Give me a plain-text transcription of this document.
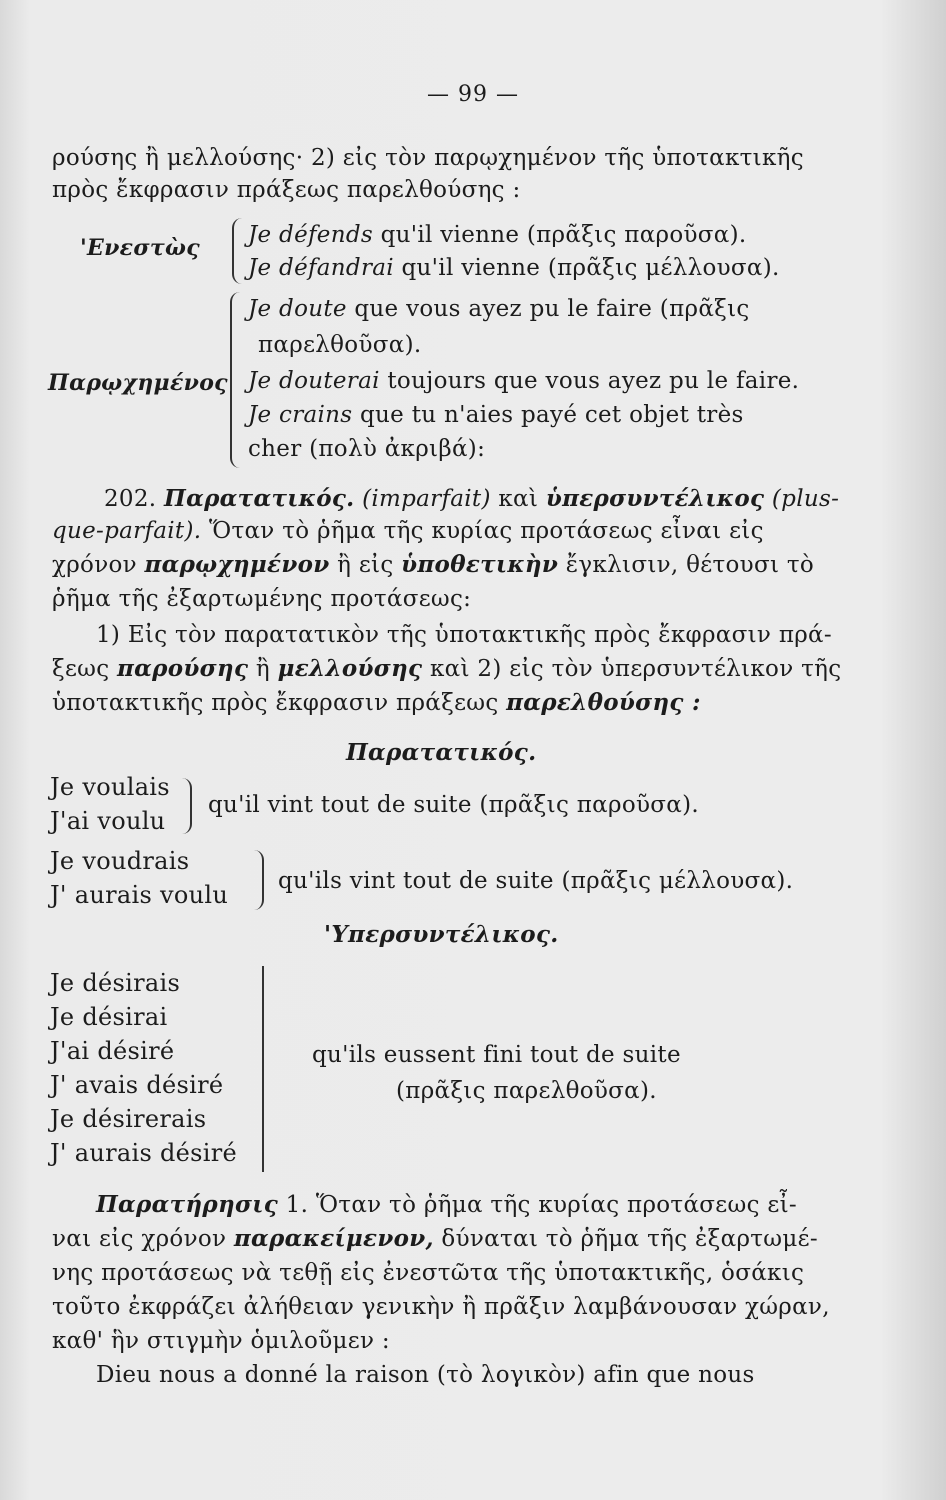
— 99 —
ρούσης ἢ μελλούσης· 2) εἰς τὸν παρῳχημένον τῆς ὑποτακτικῆς
πρὸς ἔκφρασιν πράξεως παρελθούσης :
'Ενεστὼς Je défends qu'il vienne (πρᾶξις παροῦσα).
Je défandrai qu'il vienne (πρᾶξις μέλλουσα).
Παρῳχημένος
Je doute que vous ayez pu le faire (πρᾶξις
παρελθοῦσα).
Je douterai toujours que vous ayez pu le faire.
Je crains que tu n'aies payé cet objet très
cher (πολὺ ἀκριβά):
202. Παρατατικός. (imparfait) καὶ ὑπερσυντέλικος (plus-
que-parfait). Ὅταν τὸ ῥῆμα τῆς κυρίας προτάσεως εἶναι εἰς
χρόνον παρῳχημένον ἢ εἰς ὑποθετικὴν ἔγκλισιν, θέτουσι τὸ
ῥῆμα τῆς ἐξαρτωμένης προτάσεως:
1) Εἰς τὸν παρατατικὸν τῆς ὑποτακτικῆς πρὸς ἔκφρασιν πρά-
ξεως παρούσης ἢ μελλούσης καὶ 2) εἰς τὸν ὑπερσυντέλικον τῆς
ὑποτακτικῆς πρὸς ἔκφρασιν πράξεως παρελθούσης :
Παρατατικός.
Je voulais
J'ai voulu
qu'il vint tout de suite (πρᾶξις παροῦσα).
Je voudrais
J' aurais voulu qu'ils vint tout de suite (πρᾶξις μέλλουσα).
'Υπερσυντέλικος.
Je désirais
Je désirai
J'ai désiré
J' avais désiré
Je désirerais
J' aurais désiré
qu'ils eussent fini tout de suite
(πρᾶξις παρελθοῦσα).
Παρατήρησις 1. Ὅταν τὸ ῥῆμα τῆς κυρίας προτάσεως εἶ-
ναι εἰς χρόνον παρακείμενον, δύναται τὸ ῥῆμα τῆς ἐξαρτωμέ-
νης προτάσεως νὰ τεθῇ εἰς ἐνεστῶτα τῆς ὑποτακτικῆς, ὁσάκις
τοῦτο ἐκφράζει ἀλήθειαν γενικὴν ἢ πρᾶξιν λαμβάνουσαν χώραν,
καθ' ἣν στιγμὴν ὁμιλοῦμεν :
Dieu nous a donné la raison (τὸ λογικὸν) afin que nous
